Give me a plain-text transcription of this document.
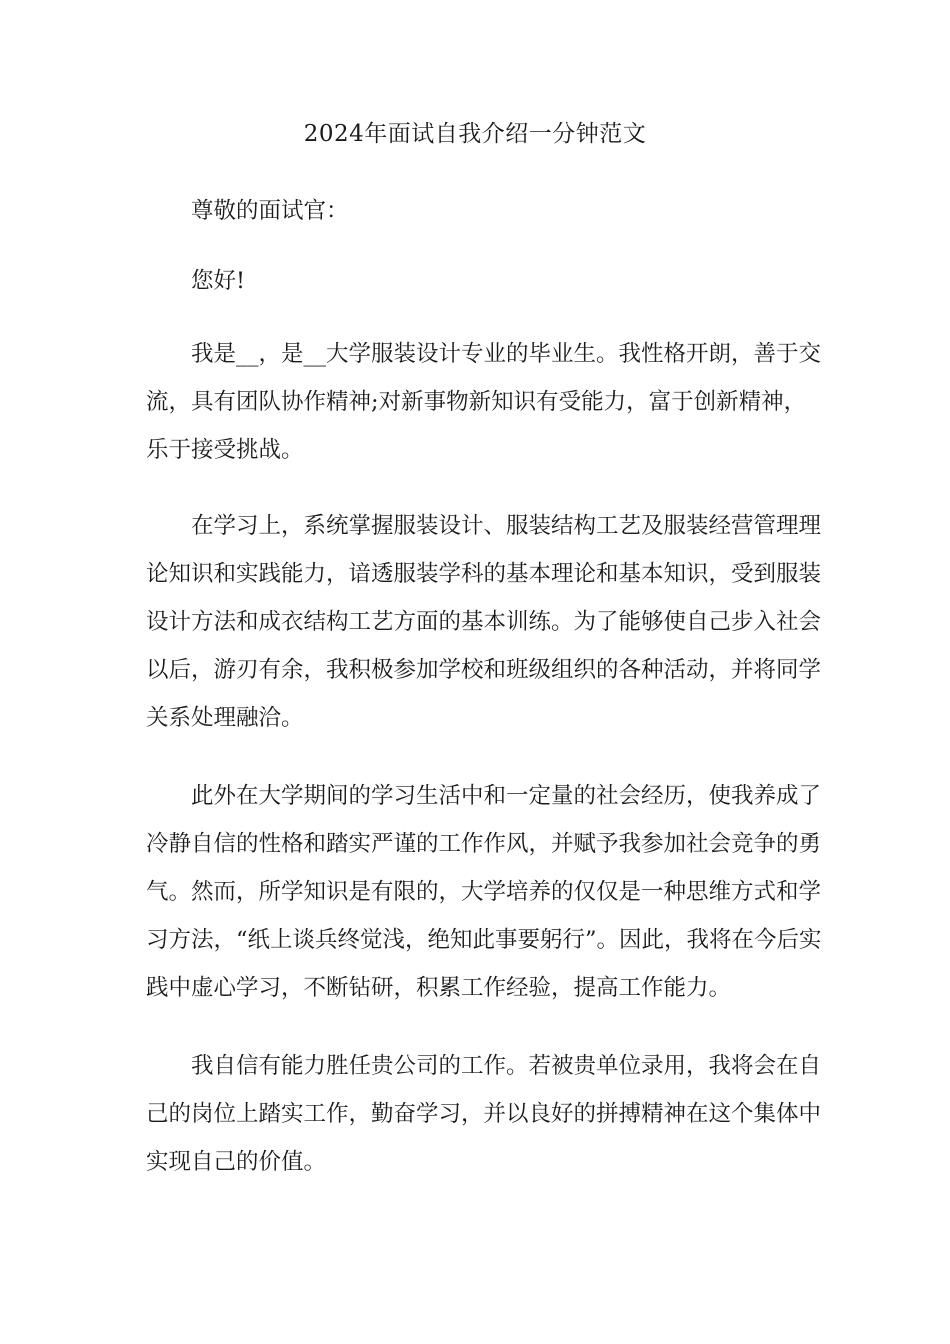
2024年面试自我介绍一分钟范文
尊敬的面试官：
您好!
我是__，是__大学服装设计专业的毕业生。我性格开朗，善于交
流，具有团队协作精神;对新事物新知识有受能力，富于创新精神，
乐于接受挑战。
在学习上，系统掌握服装设计、服装结构工艺及服装经营管理理
论知识和实践能力，谙透服装学科的基本理论和基本知识，受到服装
设计方法和成衣结构工艺方面的基本训练。为了能够使自己步入社会
以后，游刃有余，我积极参加学校和班级组织的各种活动，并将同学
关系处理融洽。
此外在大学期间的学习生活中和一定量的社会经历，使我养成了
冷静自信的性格和踏实严谨的工作作风，并赋予我参加社会竞争的勇
气。然而，所学知识是有限的，大学培养的仅仅是一种思维方式和学
习方法，“纸上谈兵终觉浅，绝知此事要躬行”。因此，我将在今后实
践中虚心学习，不断钻研，积累工作经验，提高工作能力。
我自信有能力胜任贵公司的工作。若被贵单位录用，我将会在自
己的岗位上踏实工作，勤奋学习，并以良好的拼搏精神在这个集体中
实现自己的价值。
